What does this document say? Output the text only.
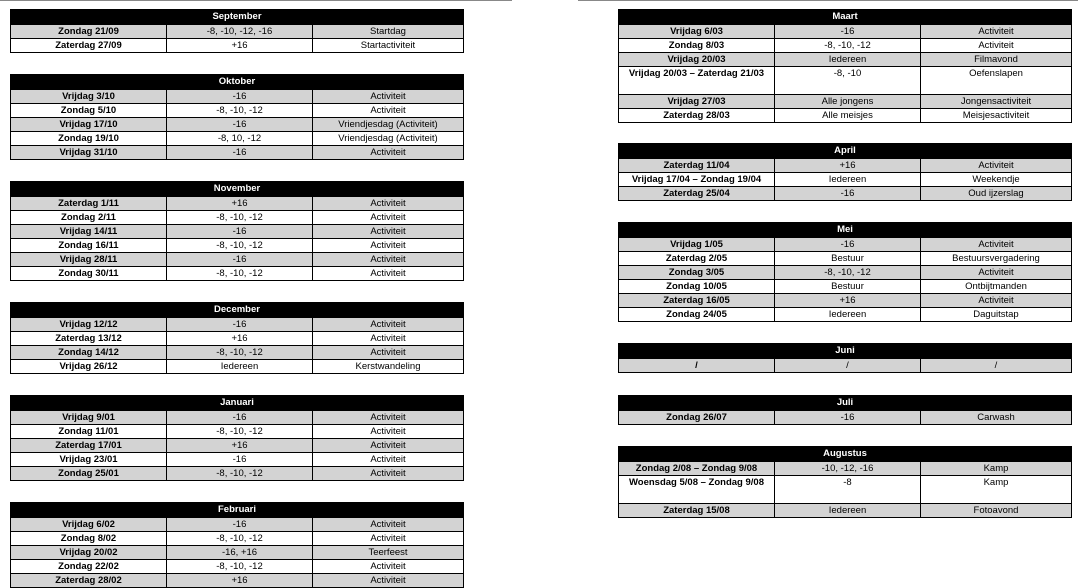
September
Zondag 21/09	-8, -10, -12, -16	Startdag
Zaterdag 27/09	+16	Startactiviteit
Oktober
Vrijdag 3/10	-16	Activiteit
Zondag 5/10	-8, -10, -12	Activiteit
Vrijdag 17/10	-16	Vriendjesdag (Activiteit)
Zondag 19/10	-8, 10, -12	Vriendjesdag (Activiteit)
Vrijdag 31/10	-16	Activiteit
November
Zaterdag 1/11	+16	Activiteit
Zondag 2/11	-8, -10, -12	Activiteit
Vrijdag 14/11	-16	Activiteit
Zondag 16/11	-8, -10, -12	Activiteit
Vrijdag 28/11	-16	Activiteit
Zondag 30/11	-8, -10, -12	Activiteit
December
Vrijdag 12/12	-16	Activiteit
Zaterdag 13/12	+16	Activiteit
Zondag 14/12	-8, -10, -12	Activiteit
Vrijdag 26/12	Iedereen	Kerstwandeling
Januari
Vrijdag 9/01	-16	Activiteit
Zondag 11/01	-8, -10, -12	Activiteit
Zaterdag 17/01	+16	Activiteit
Vrijdag 23/01	-16	Activiteit
Zondag 25/01	-8, -10, -12	Activiteit
Februari
Vrijdag 6/02	-16	Activiteit
Zondag 8/02	-8, -10, -12	Activiteit
Vrijdag 20/02	-16, +16	Teerfeest
Zondag 22/02	-8, -10, -12	Activiteit
Zaterdag 28/02	+16	Activiteit
Maart
Vrijdag 6/03	-16	Activiteit
Zondag 8/03	-8, -10, -12	Activiteit
Vrijdag 20/03	Iedereen	Filmavond
Vrijdag 20/03 – Zaterdag 21/03	-8, -10	Oefenslapen
Vrijdag 27/03	Alle jongens	Jongensactiviteit
Zaterdag 28/03	Alle meisjes	Meisjesactiviteit
April
Zaterdag 11/04	+16	Activiteit
Vrijdag 17/04 – Zondag 19/04	Iedereen	Weekendje
Zaterdag 25/04	-16	Oud ijzerslag
Mei
Vrijdag 1/05	-16	Activiteit
Zaterdag 2/05	Bestuur	Bestuursvergadering
Zondag 3/05	-8, -10, -12	Activiteit
Zondag 10/05	Bestuur	Ontbijtmanden
Zaterdag 16/05	+16	Activiteit
Zondag 24/05	Iedereen	Daguitstap
Juni
/	/	/
Juli
Zondag 26/07	-16	Carwash
Augustus
Zondag 2/08 – Zondag 9/08	-10, -12, -16	Kamp
Woensdag 5/08 – Zondag 9/08	-8	Kamp
Zaterdag 15/08	Iedereen	Fotoavond
